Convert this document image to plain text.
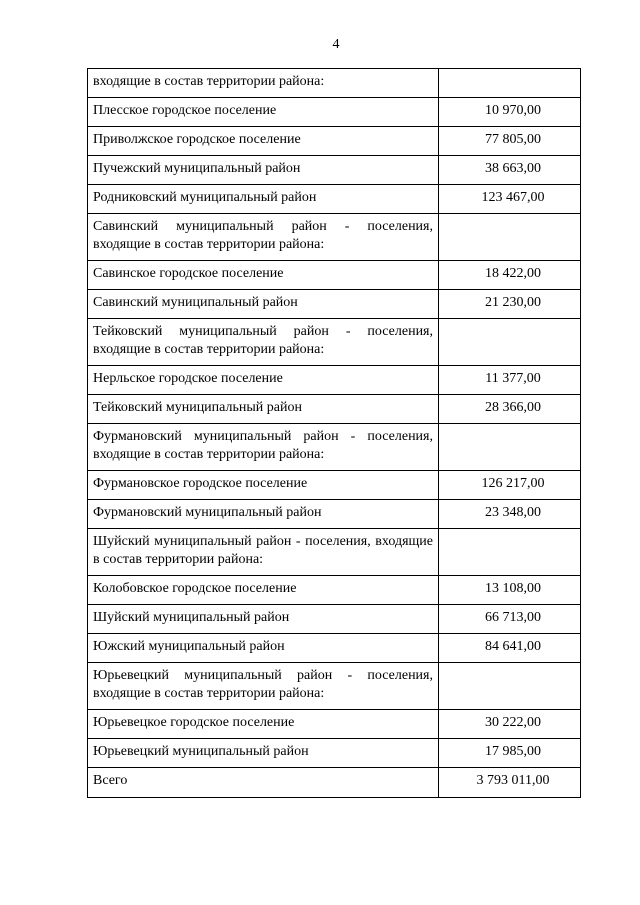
4
входящие в состав территории района:	
Плесское городское поселение	10 970,00
Приволжское городское поселение	77 805,00
Пучежский муниципальный район	38 663,00
Родниковский муниципальный район	123 467,00
Савинский муниципальный район - поселения, входящие в состав территории района:	
Савинское городское поселение	18 422,00
Савинский муниципальный район	21 230,00
Тейковский муниципальный район - поселения, входящие в состав территории района:	
Нерльское городское поселение	11 377,00
Тейковский муниципальный район	28 366,00
Фурмановский муниципальный район - поселения, входящие в состав территории района:	
Фурмановское городское поселение	126 217,00
Фурмановский муниципальный район	23 348,00
Шуйский муниципальный район - поселения, входящие в состав территории района:	
Колобовское городское поселение	13 108,00
Шуйский муниципальный район	66 713,00
Южский муниципальный район	84 641,00
Юрьевецкий муниципальный район - поселения, входящие в состав территории района:	
Юрьевецкое городское поселение	30 222,00
Юрьевецкий муниципальный район	17 985,00
Всего	3 793 011,00
